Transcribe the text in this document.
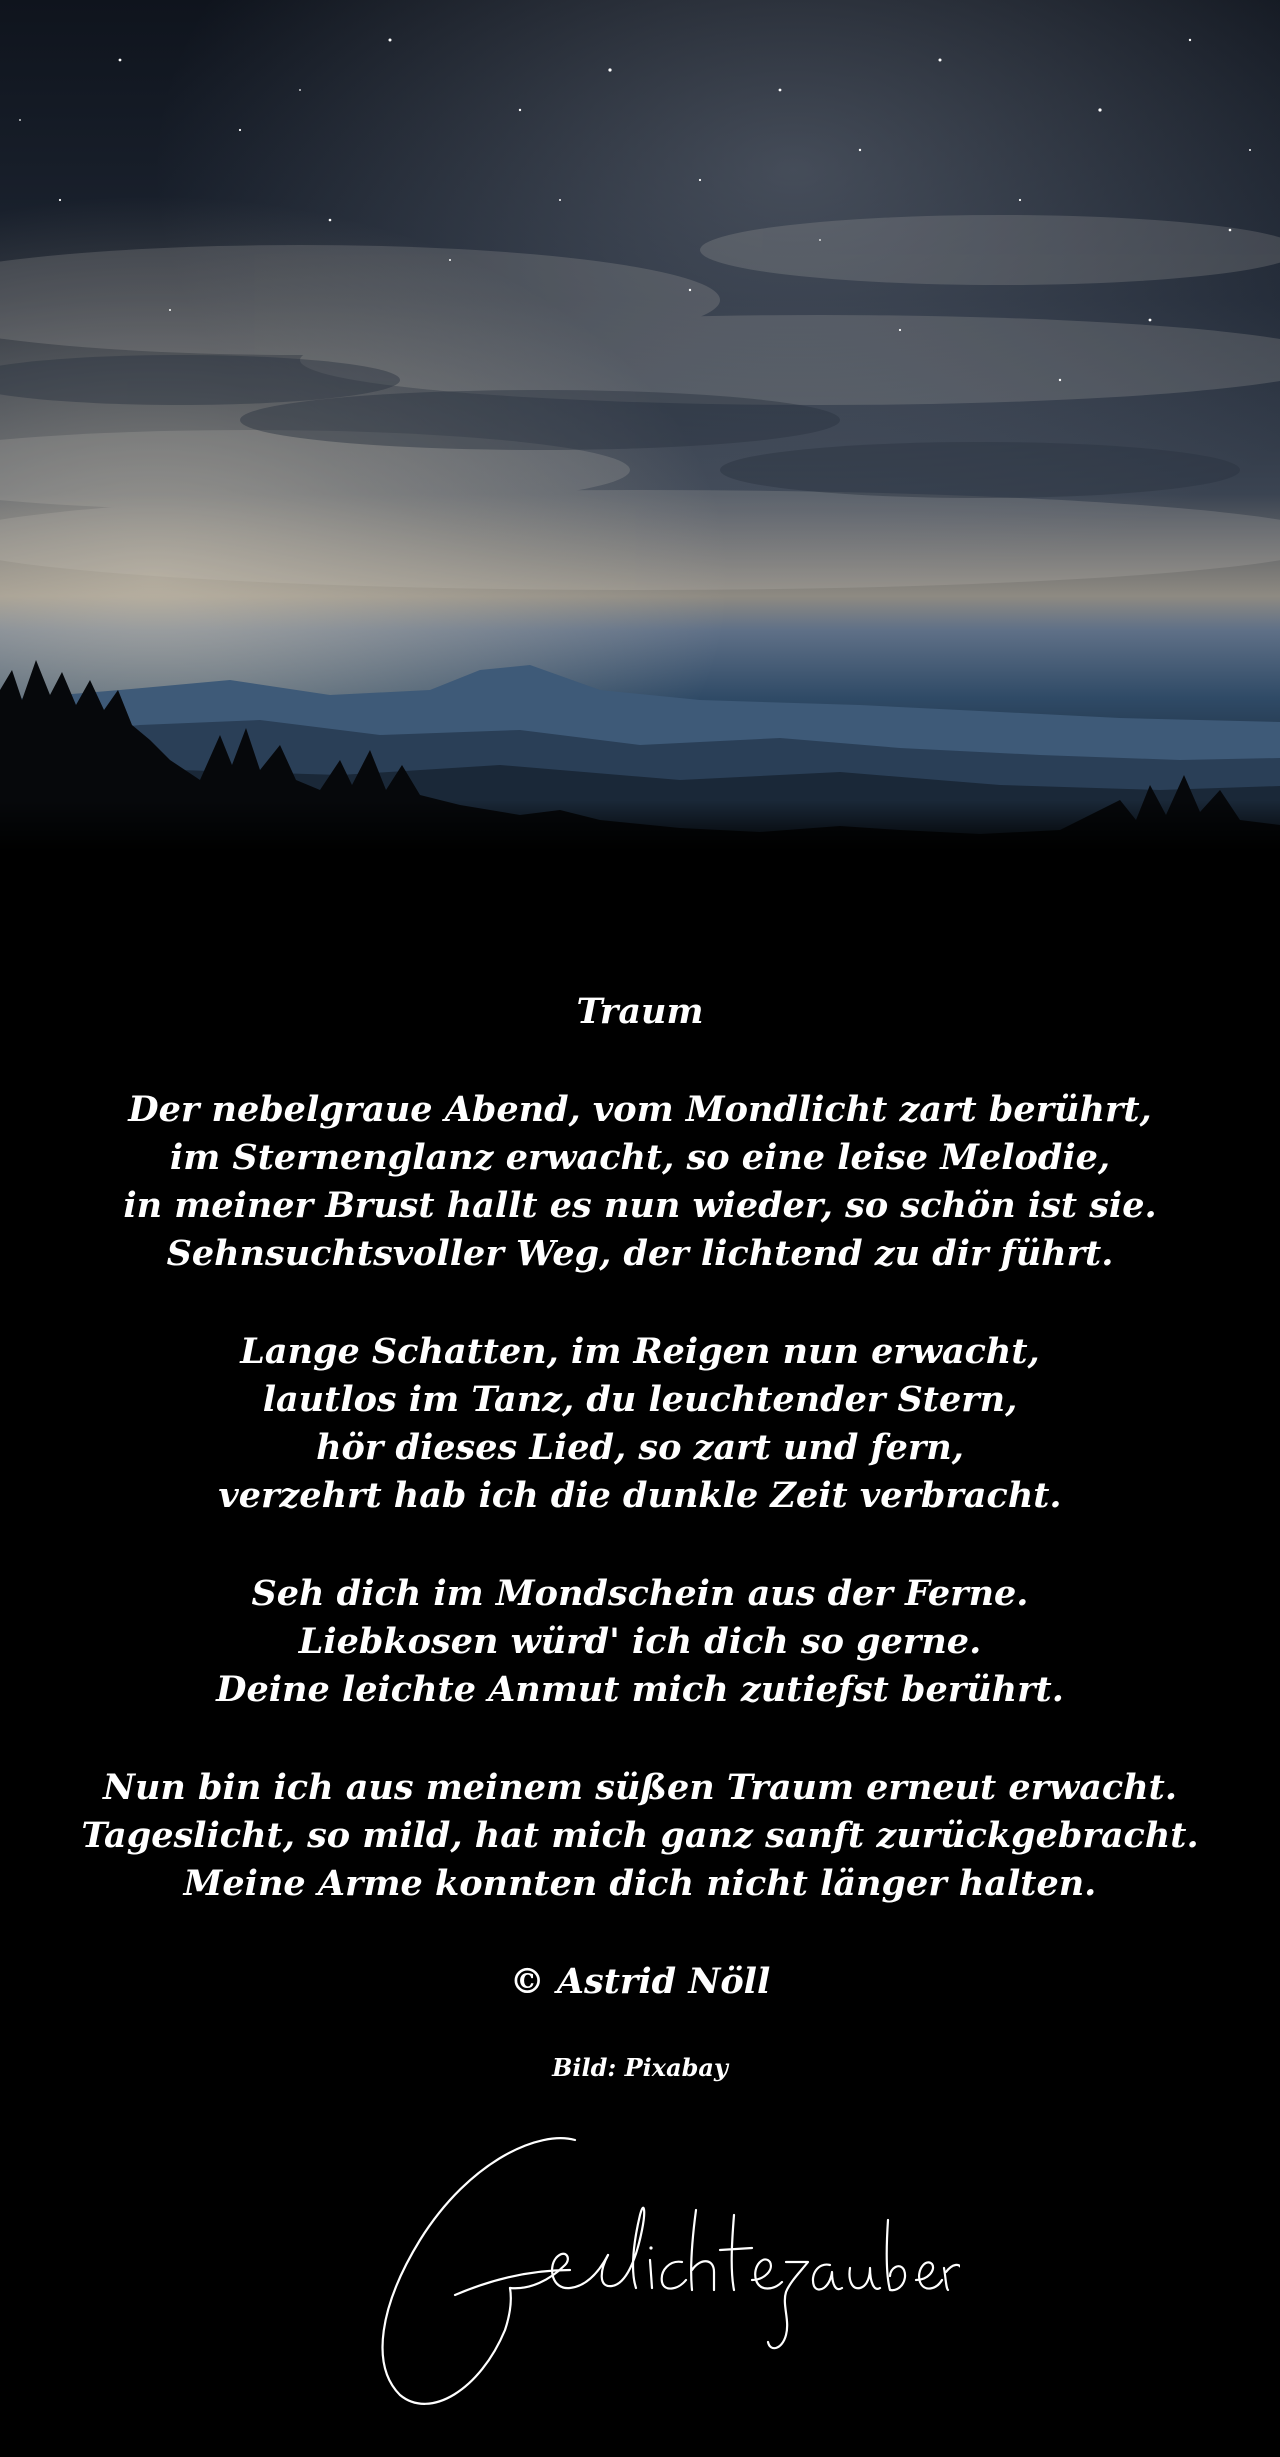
Traum
Der nebelgraue Abend, vom Mondlicht zart berührt,
im Sternenglanz erwacht, so eine leise Melodie,
in meiner Brust hallt es nun wieder, so schön ist sie.
Sehnsuchtsvoller Weg, der lichtend zu dir führt.
Lange Schatten, im Reigen nun erwacht,
lautlos im Tanz, du leuchtender Stern,
hör dieses Lied, so zart und fern,
verzehrt hab ich die dunkle Zeit verbracht.
Seh dich im Mondschein aus der Ferne.
Liebkosen würd' ich dich so gerne.
Deine leichte Anmut mich zutiefst berührt.
Nun bin ich aus meinem süßen Traum erneut erwacht.
Tageslicht, so mild, hat mich ganz sanft zurückgebracht.
Meine Arme konnten dich nicht länger halten.
© Astrid Nöll
Bild: Pixabay
